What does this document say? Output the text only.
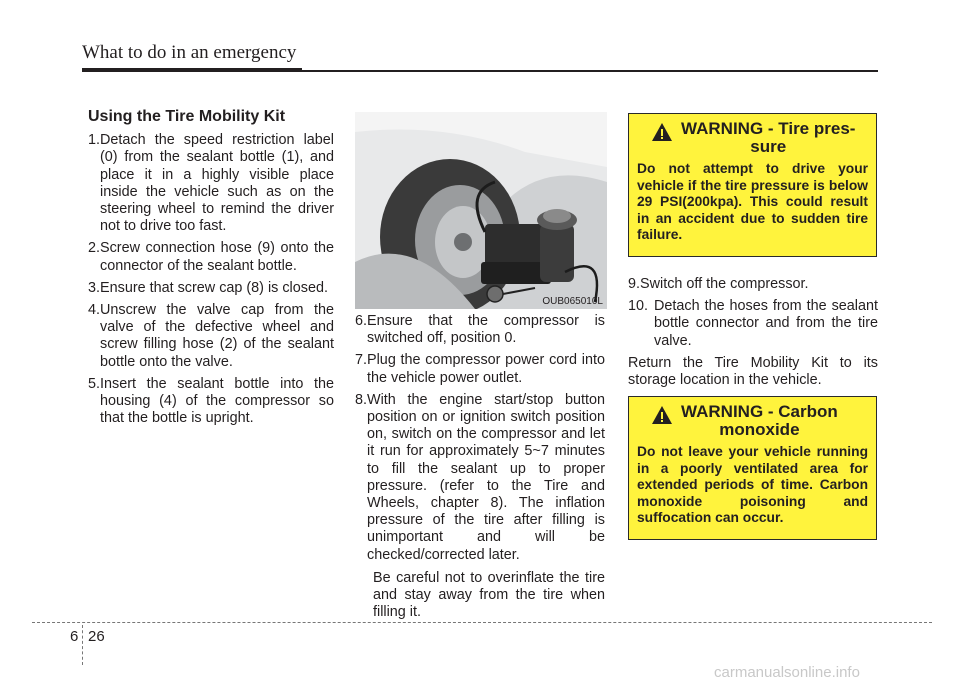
What to do in an emergency
Using the Tire Mobility Kit
1. Detach the speed restriction label (0) from the sealant bottle (1), and place it in a highly visible place inside the vehicle such as on the steering wheel to remind the driver not to drive too fast.
2. Screw connection hose (9) onto the connector of the sealant bottle.
3. Ensure that screw cap (8) is closed.
4. Unscrew the valve cap from the valve of the defective wheel and screw filling hose (2) of the sealant bottle onto the valve.
5. Insert the sealant bottle into the housing (4) of the compressor so that the bottle is upright.
OUB065010L
6. Ensure that the compressor is switched off, position 0.
7. Plug the compressor power cord into the vehicle power outlet.
8. With the engine start/stop button position on or ignition switch position on, switch on the compressor and let it run for approximately 5~7 minutes to fill the sealant up to proper pressure. (refer to the Tire and Wheels, chapter 8). The inflation pressure of the tire after filling is unimportant and will be checked/corrected later.
Be careful not to overinflate the tire and stay away from the tire when filling it.
WARNING - Tire pres-
sure
Do not attempt to drive your vehicle if the tire pressure is below 29 PSI(200kpa). This could result in an accident due to sudden tire failure.
9. Switch off the compressor.
10. Detach the hoses from the sealant bottle connector and from the tire valve.
Return the Tire Mobility Kit to its storage location in the vehicle.
WARNING - Carbon
monoxide
Do not leave your vehicle running in a poorly ventilated area for extended periods of time. Carbon monoxide poisoning and suffocation can occur.
6 26
carmanualsonline.info
